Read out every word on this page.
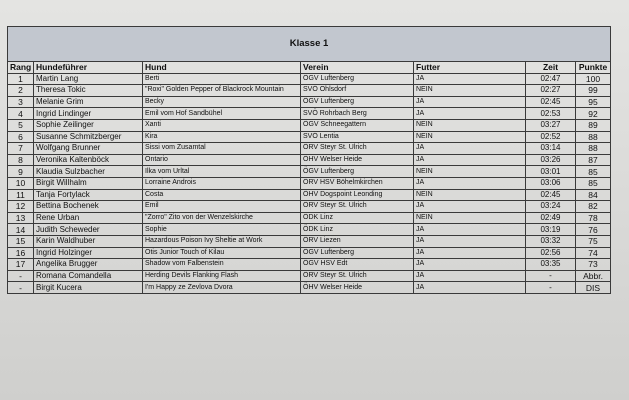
Klasse 1						
Rang	Hundeführer	Hund	Verein	Futter	Zeit	Punkte
1	Martin Lang	Berti	ÖGV Luftenberg	JA	02:47	100
2	Theresa Tokic	"Roxi" Golden Pepper of Blackrock Mountain	SVÖ Ohlsdorf	NEIN	02:27	99
3	Melanie Grim	Becky	ÖGV Luftenberg	JA	02:45	95
4	Ingrid Lindinger	Emil vom Hof Sandbühel	SVÖ Rohrbach Berg	JA	02:53	92
5	Sophie Zeilinger	Xanti	ÖGV Schneegattern	NEIN	03:27	89
6	Susanne Schmitzberger	Kira	SVÖ Lentia	NEIN	02:52	88
7	Wolfgang Brunner	Sissi vom Zusamtal	ÖRV Steyr St. Ulrich	JA	03:14	88
8	Veronika Kaltenböck	Ontario	ÖHV Welser Heide	JA	03:26	87
9	Klaudia Sulzbacher	Ilka vom Urltal	ÖGV Luftenberg	NEIN	03:01	85
10	Birgit Willhalm	Lorraine Androis	ÖRV HSV Böhelmkirchen	JA	03:06	85
11	Tanja Fortylack	Costa	ÖHV Dogspoint Leonding	NEIN	02:45	84
12	Bettina Bochenek	Emil	ÖRV Steyr St. Ulrich	JA	03:24	82
13	Rene Urban	"Zorro" Zito von der Wenzelskirche	ÖDK Linz	NEIN	02:49	78
14	Judith Scheweder	Sophie	ÖDK Linz	JA	03:19	76
15	Karin Waldhuber	Hazardous Poison Ivy Sheltie at Work	ÖRV Liezen	JA	03:32	75
16	Ingrid Holzinger	Otis Junior Touch of Kilau	ÖGV Luftenberg	JA	02:56	74
17	Angelika Brugger	Shadow vom Falbenstein	ÖGV HSV Edt	JA	03:35	73
-	Romana Comandella	Herding Devils Flanking Flash	ÖRV Steyr St. Ulrich	JA	-	Abbr.
-	Birgit Kucera	I'm Happy ze Zevlova Dvora	ÖHV Welser Heide	JA	-	DIS
